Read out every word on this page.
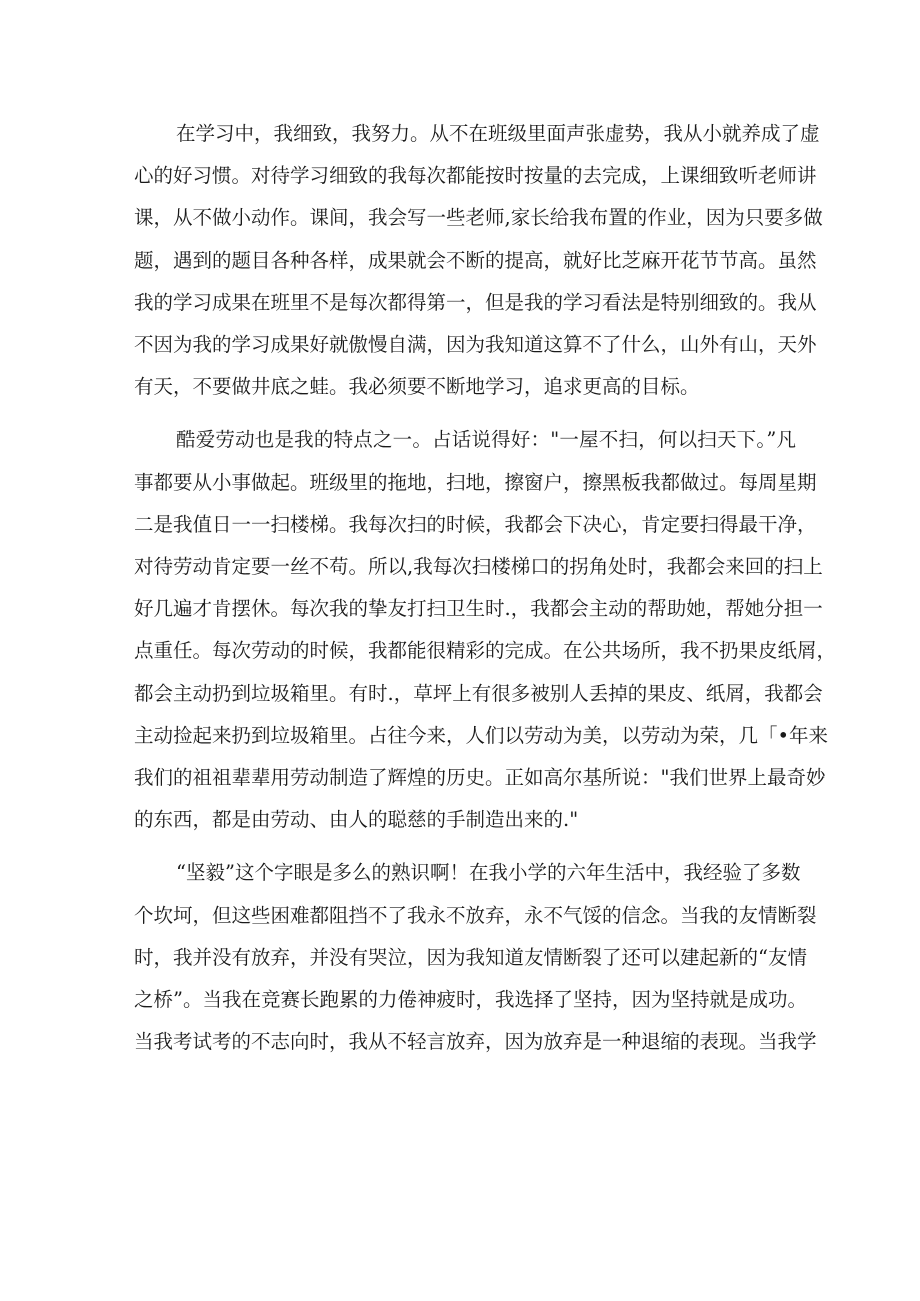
在学习中，我细致，我努力。从不在班级里面声张虚势，我从小就养成了虚
心的好习惯。对待学习细致的我每次都能按时按量的去完成，上课细致听老师讲
课，从不做小动作。课间，我会写一些老师,家长给我布置的作业，因为只要多做
题，遇到的题目各种各样，成果就会不断的提高，就好比芝麻开花节节高。虽然
我的学习成果在班里不是每次都得第一，但是我的学习看法是特别细致的。我从
不因为我的学习成果好就傲慢自满，因为我知道这算不了什么，山外有山，天外
有天，不要做井底之蛙。我必须要不断地学习，追求更高的目标。

酷爱劳动也是我的特点之一。占话说得好："一屋不扫，何以扫天下。”凡
事都要从小事做起。班级里的拖地，扫地，擦窗户，擦黑板我都做过。每周星期
二是我值日一一扫楼梯。我每次扫的时候，我都会下决心，肯定要扫得最干净，
对待劳动肯定要一丝不苟。所以,我每次扫楼梯口的拐角处时，我都会来回的扫上
好几遍才肯摆休。每次我的挚友打扫卫生时.，我都会主动的帮助她，帮她分担一
点重任。每次劳动的时候，我都能很精彩的完成。在公共场所，我不扔果皮纸屑，
都会主动扔到垃圾箱里。有时.，草坪上有很多被别人丢掉的果皮、纸屑，我都会
主动捡起来扔到垃圾箱里。占往今来，人们以劳动为美，以劳动为荣，几「•年来
我们的祖祖辈辈用劳动制造了辉煌的历史。正如高尔基所说："我们世界上最奇妙
的东西，都是由劳动、由人的聪慈的手制造出来的."

“坚毅”这个字眼是多么的熟识啊！在我小学的六年生活中，我经验了多数
个坎坷，但这些困难都阻挡不了我永不放弃，永不气馁的信念。当我的友情断裂
时，我并没有放弃，并没有哭泣，因为我知道友情断裂了还可以建起新的“友情
之桥”。当我在竞赛长跑累的力倦神疲时，我选择了坚持，因为坚持就是成功。
当我考试考的不志向时，我从不轻言放弃，因为放弃是一种退缩的表现。当我学
